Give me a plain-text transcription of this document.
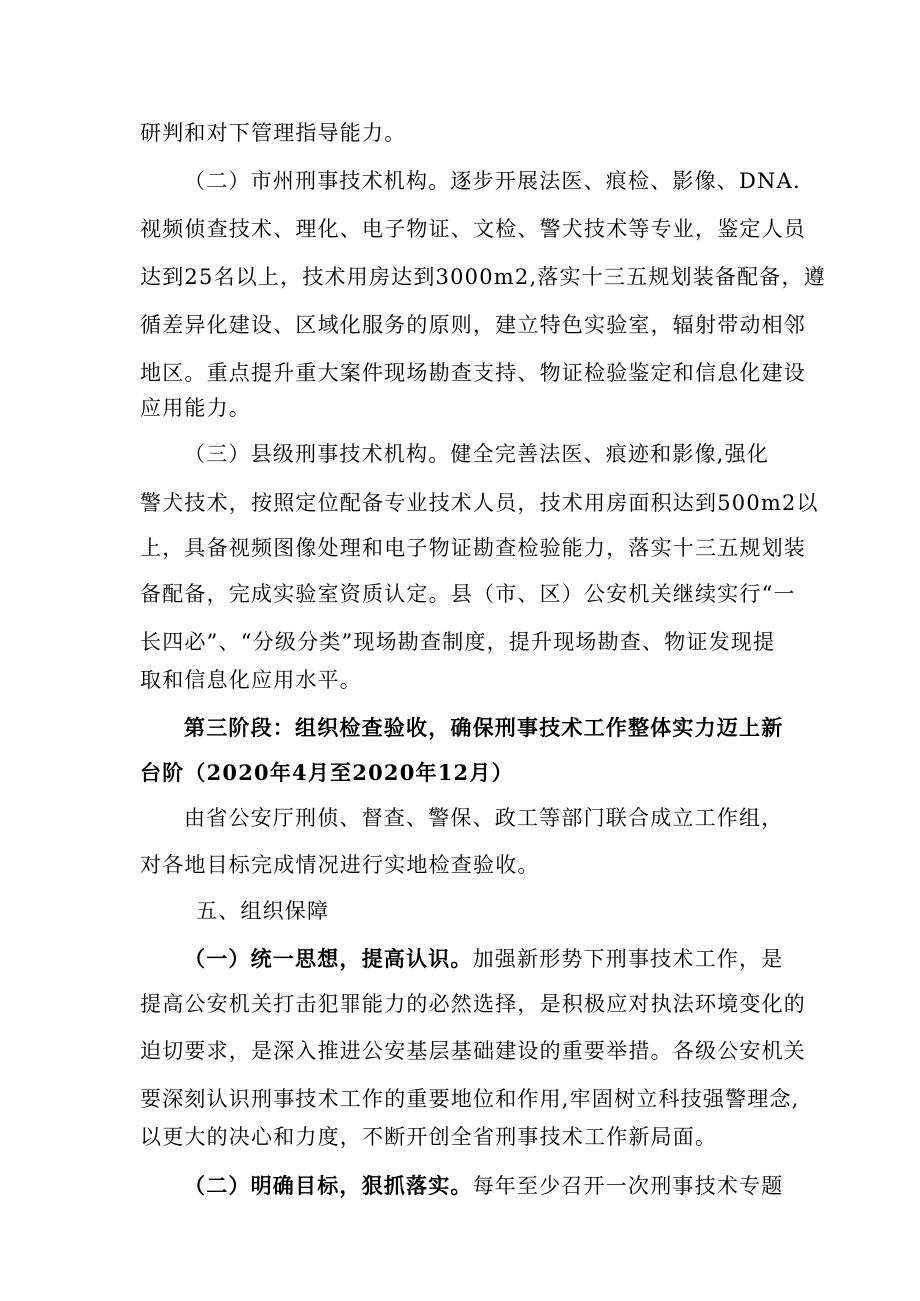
研判和对下管理指导能力。
（二）市州刑事技术机构。逐步开展法医、痕检、影像、DNA.
视频侦查技术、理化、电子物证、文检、警犬技术等专业，鉴定人员
达到25名以上，技术用房达到3000m2,落实十三五规划装备配备，遵
循差异化建设、区域化服务的原则，建立特色实验室，辐射带动相邻
地区。重点提升重大案件现场勘查支持、物证检验鉴定和信息化建设
应用能力。
（三）县级刑事技术机构。健全完善法医、痕迹和影像,强化
警犬技术，按照定位配备专业技术人员，技术用房面积达到500m2以
上，具备视频图像处理和电子物证勘查检验能力，落实十三五规划装
备配备，完成实验室资质认定。县（市、区）公安机关继续实行“一
长四必”、“分级分类”现场勘查制度，提升现场勘查、物证发现提
取和信息化应用水平。
第三阶段：组织检查验收，确保刑事技术工作整体实力迈上新
台阶（2020年4月至2020年12月）
由省公安厅刑侦、督查、警保、政工等部门联合成立工作组，
对各地目标完成情况进行实地检查验收。
五、组织保障
（一）统一思想，提高认识。加强新形势下刑事技术工作，是
提高公安机关打击犯罪能力的必然选择，是积极应对执法环境变化的
迫切要求，是深入推进公安基层基础建设的重要举措。各级公安机关
要深刻认识刑事技术工作的重要地位和作用,牢固树立科技强警理念,
以更大的决心和力度，不断开创全省刑事技术工作新局面。
（二）明确目标，狠抓落实。每年至少召开一次刑事技术专题
